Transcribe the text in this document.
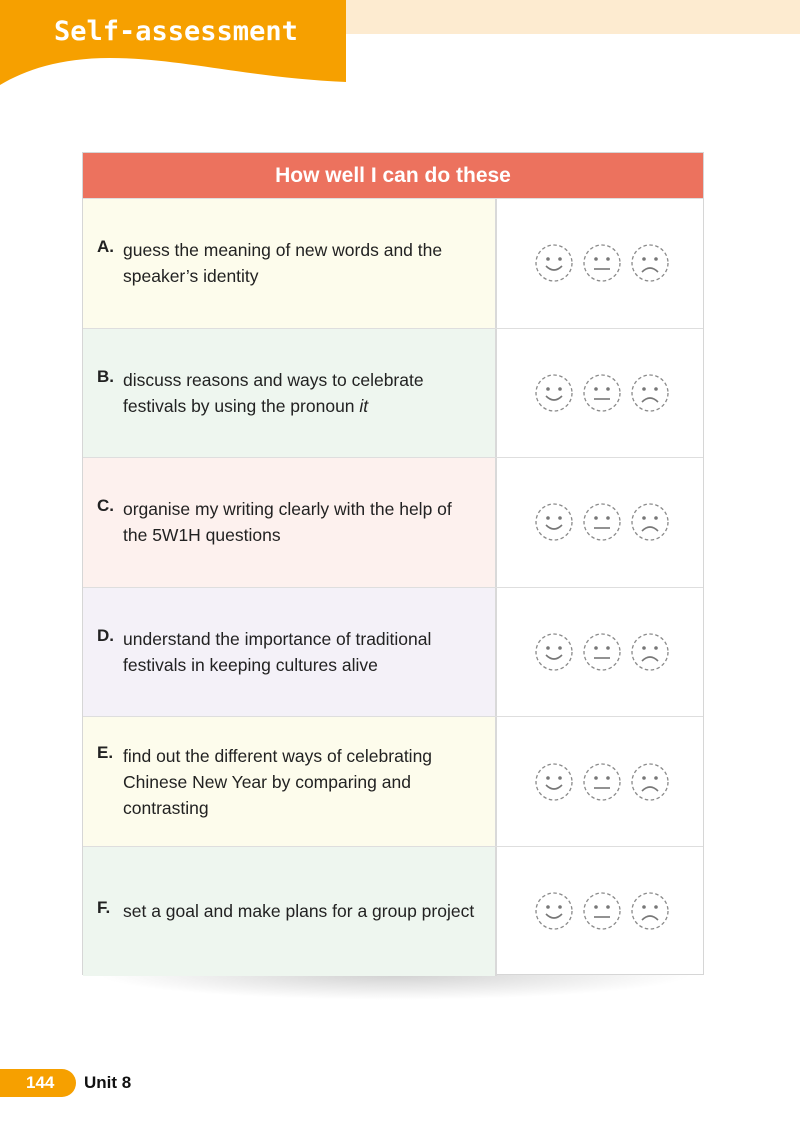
Self-assessment
How well I can do these
A. guess the meaning of new words and the speaker’s identity
B. discuss reasons and ways to celebrate festivals by using the pronoun it
C. organise my writing clearly with the help of the 5W1H questions
D. understand the importance of traditional festivals in keeping cultures alive
E. find out the different ways of celebrating Chinese New Year by comparing and contrasting
F. set a goal and make plans for a group project
144 Unit 8
